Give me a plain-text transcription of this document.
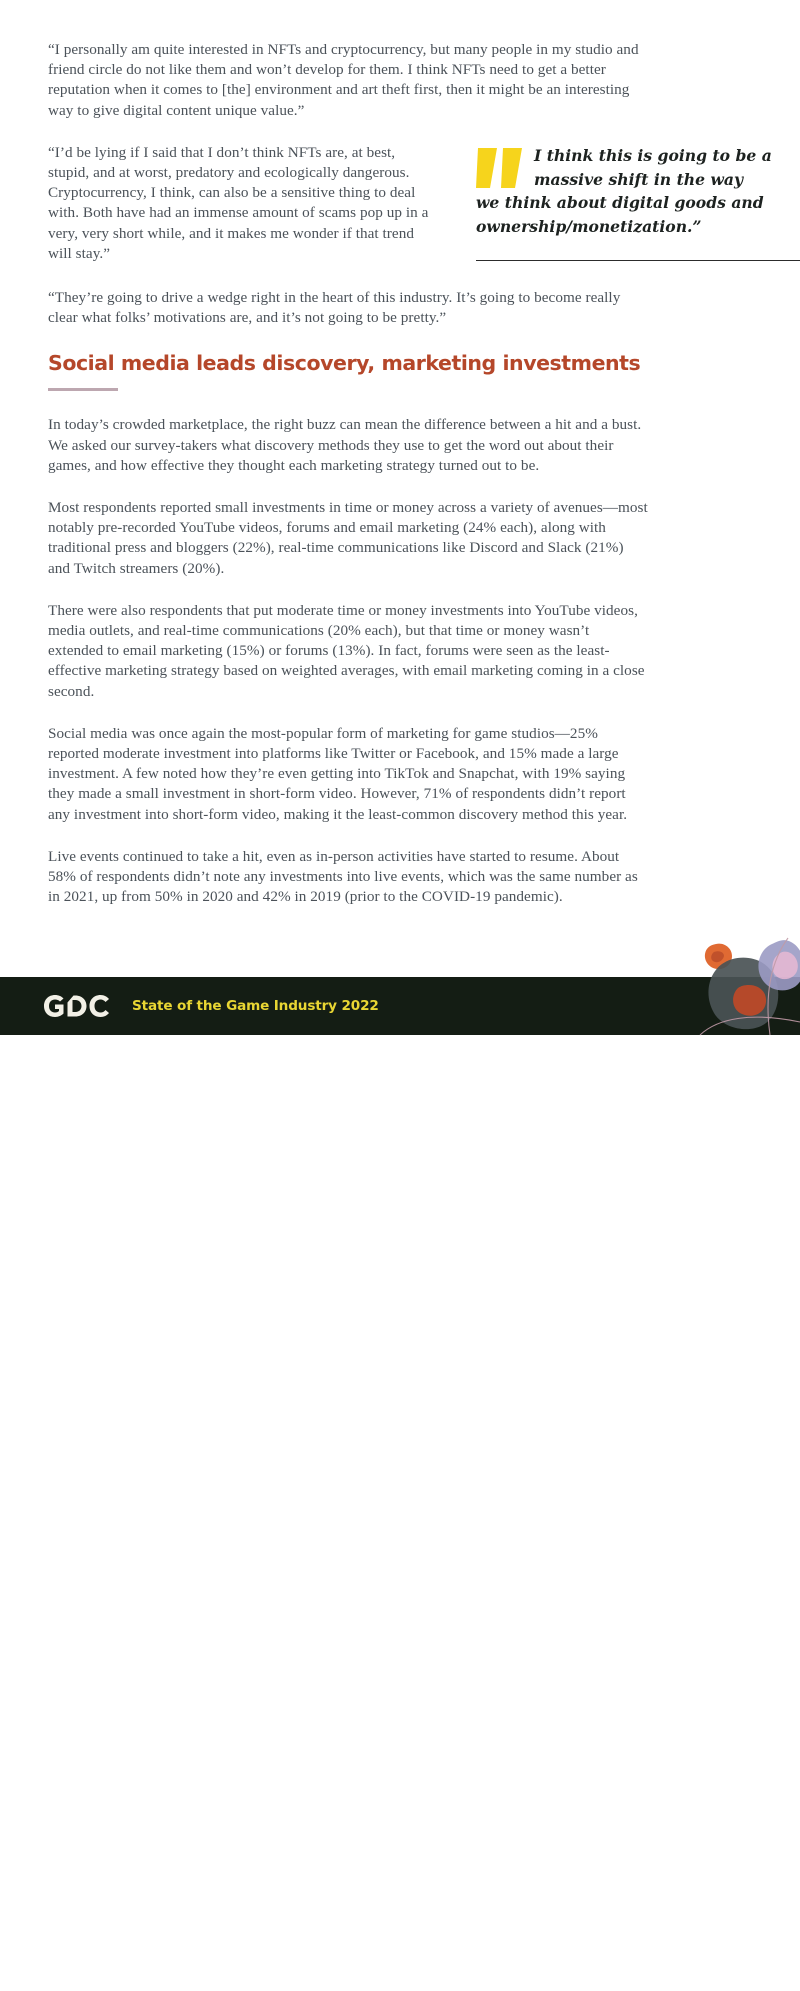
“I personally am quite interested in NFTs and cryptocurrency, but many people in my studio and friend circle do not like them and won’t develop for them. I think NFTs need to get a better reputation when it comes to [the] environment and art theft first, then it might be an interesting way to give digital content unique value.”

“I’d be lying if I said that I don’t think NFTs are, at best, stupid, and at worst, predatory and ecologically dangerous. Cryptocurrency, I think, can also be a sensitive thing to deal with. Both have had an immense amount of scams pop up in a very, very short while, and it makes me wonder if that trend will stay.”

“They’re going to drive a wedge right in the heart of this industry. It’s going to become really clear what folks’ motivations are, and it’s not going to be pretty.”

Social media leads discovery, marketing investments

In today’s crowded marketplace, the right buzz can mean the difference between a hit and a bust. We asked our survey-takers what discovery methods they use to get the word out about their games, and how effective they thought each marketing strategy turned out to be.

Most respondents reported small investments in time or money across a variety of avenues—most notably pre-recorded YouTube videos, forums and email marketing (24% each), along with traditional press and bloggers (22%), real-time communications like Discord and Slack (21%) and Twitch streamers (20%).

There were also respondents that put moderate time or money investments into YouTube videos, media outlets, and real-time communications (20% each), but that time or money wasn’t extended to email marketing (15%) or forums (13%). In fact, forums were seen as the least-effective marketing strategy based on weighted averages, with email marketing coming in a close second.

Social media was once again the most-popular form of marketing for game studios—25% reported moderate investment into platforms like Twitter or Facebook, and 15% made a large investment. A few noted how they’re even getting into TikTok and Snapchat, with 19% saying they made a small investment in short-form video. However, 71% of respondents didn’t report any investment into short-form video, making it the least-common discovery method this year.

Live events continued to take a hit, even as in-person activities have started to resume. About 58% of respondents didn’t note any investments into live events, which was the same number as in 2021, up from 50% in 2020 and 42% in 2019 (prior to the COVID-19 pandemic).

I think this is going to be a
massive shift in the way
we think about digital goods and
ownership/monetization.”

State of the Game Industry 2022
12
